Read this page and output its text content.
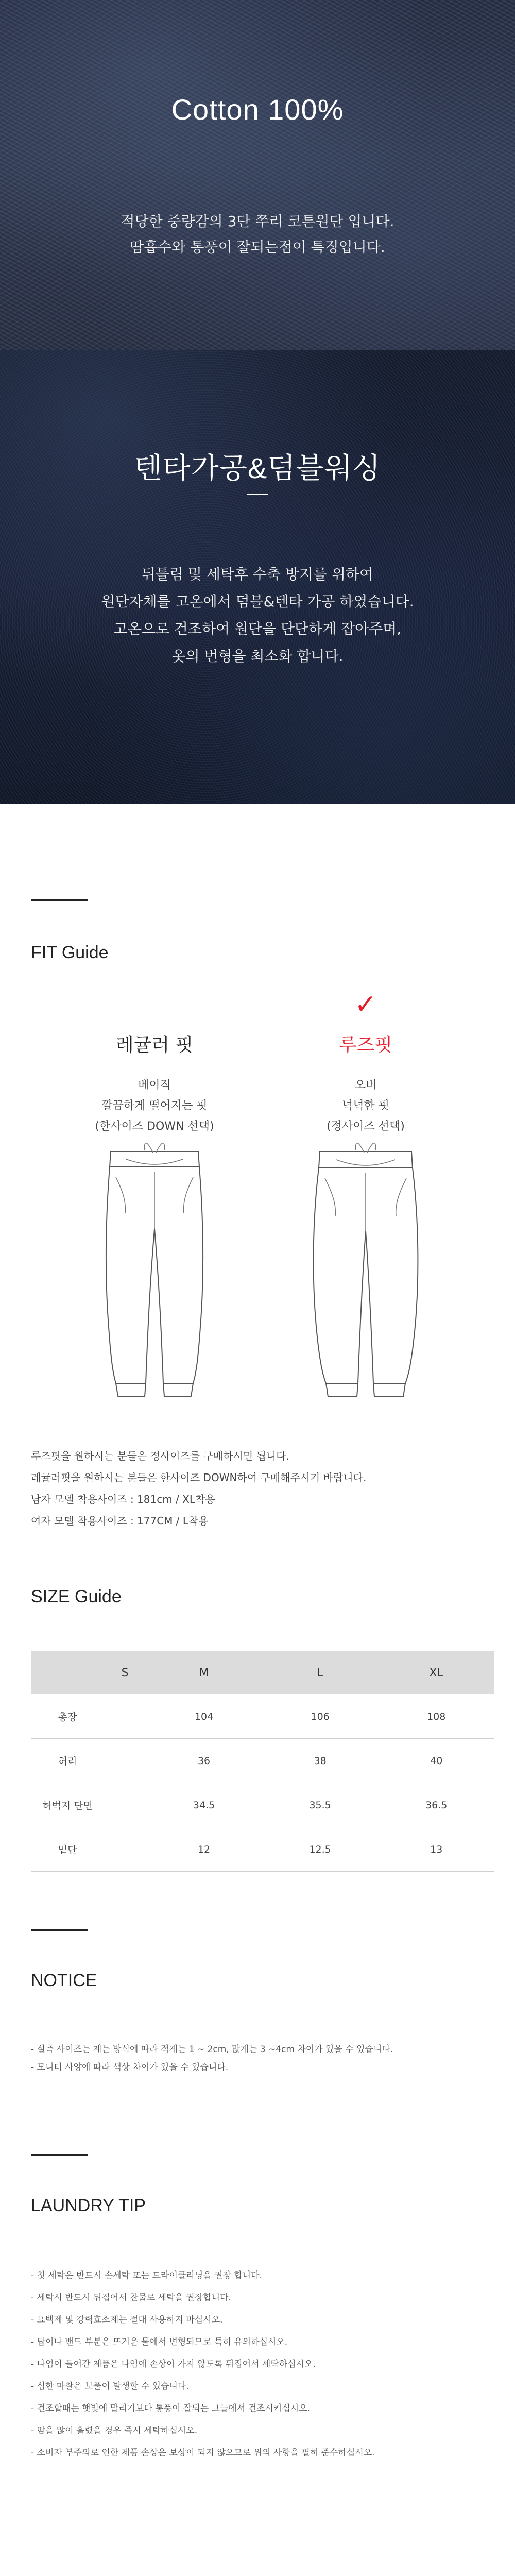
Cotton 100%
적당한 중량감의 3단 쭈리 코튼원단 입니다.
땀흡수와 통풍이 잘되는점이 특징입니다.
텐타가공&덤블워싱
뒤틀림 및 세탁후 수축 방지를 위하여
원단자체를 고온에서 덤블&텐타 가공 하였습니다.
고온으로 건조하여 원단을 단단하게 잡아주며,
옷의 번형을 최소화 합니다.
FIT Guide
레귤러 핏
베이직
깔끔하게 떨어지는 핏
(한사이즈 DOWN 선택)
✓
루즈핏
오버
넉넉한 핏
(정사이즈 선택)
루즈핏을 원하시는 분들은 정사이즈를 구매하시면 됩니다.
레귤러핏을 원하시는 분들은 한사이즈 DOWN하여 구매해주시기 바랍니다.
남자 모델 착용사이즈 : 181cm / XL착용
여자 모델 착용사이즈 : 177CM / L착용
SIZE Guide
	S	M	L	XL
총장		104	106	108
허리		36	38	40
허벅지 단면		34.5	35.5	36.5
밑단		12	12.5	13
NOTICE
- 실측 사이즈는 재는 방식에 따라 적게는 1 ~ 2cm, 많게는 3 ~4cm 차이가 있을 수 있습니다.
- 모니터 사양에 따라 색상 차이가 있을 수 있습니다.
LAUNDRY TIP
- 첫 세탁은 반드시 손세탁 또는 드라이클리닝을 권장 합니다.
- 세탁시 반드시 뒤집어서 찬물로 세탁을 권장합니다.
- 표백제 및 강력효소제는 절대 사용하지 마십시오.
- 탑이나 밴드 부분은 뜨거운 물에서 변형되므로 특히 유의하십시오.
- 나염이 들어간 제품은 나염에 손상이 가지 않도록 뒤집어서 세탁하십시오.
- 심한 마찰은 보풀이 발생할 수 있습니다.
- 건조할때는 햇빛에 말리기보다 통풍이 잘되는 그늘에서 건조시키십시오.
- 땀을 많이 흘렸을 경우 즉시 세탁하십시오.
- 소비자 부주의로 인한 제품 손상은 보상이 되지 않으므로 위의 사항을 필히 준수하십시오.
